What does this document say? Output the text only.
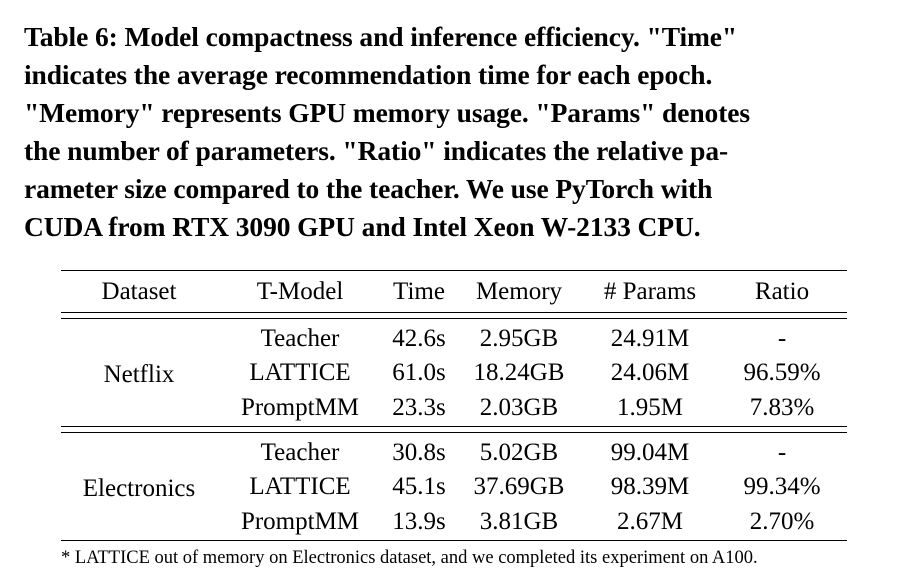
Table 6: Model compactness and inference efficiency. "Time"
indicates the average recommendation time for each epoch.
"Memory" represents GPU memory usage. "Params" denotes
the number of parameters. "Ratio" indicates the relative pa-
rameter size compared to the teacher. We use PyTorch with
CUDA from RTX 3090 GPU and Intel Xeon W-2133 CPU.
Dataset	T-Model	Time	Memory	# Params	Ratio

Netflix	Teacher	42.6s	2.95GB	24.91M	-
	LATTICE	61.0s	18.24GB	24.06M	96.59%
	PromptMM	23.3s	2.03GB	1.95M	7.83%

Electronics	Teacher	30.8s	5.02GB	99.04M	-
	LATTICE	45.1s	37.69GB	98.39M	99.34%
	PromptMM	13.9s	3.81GB	2.67M	2.70%

* LATTICE out of memory on Electronics dataset, and we completed its experiment on A100.
